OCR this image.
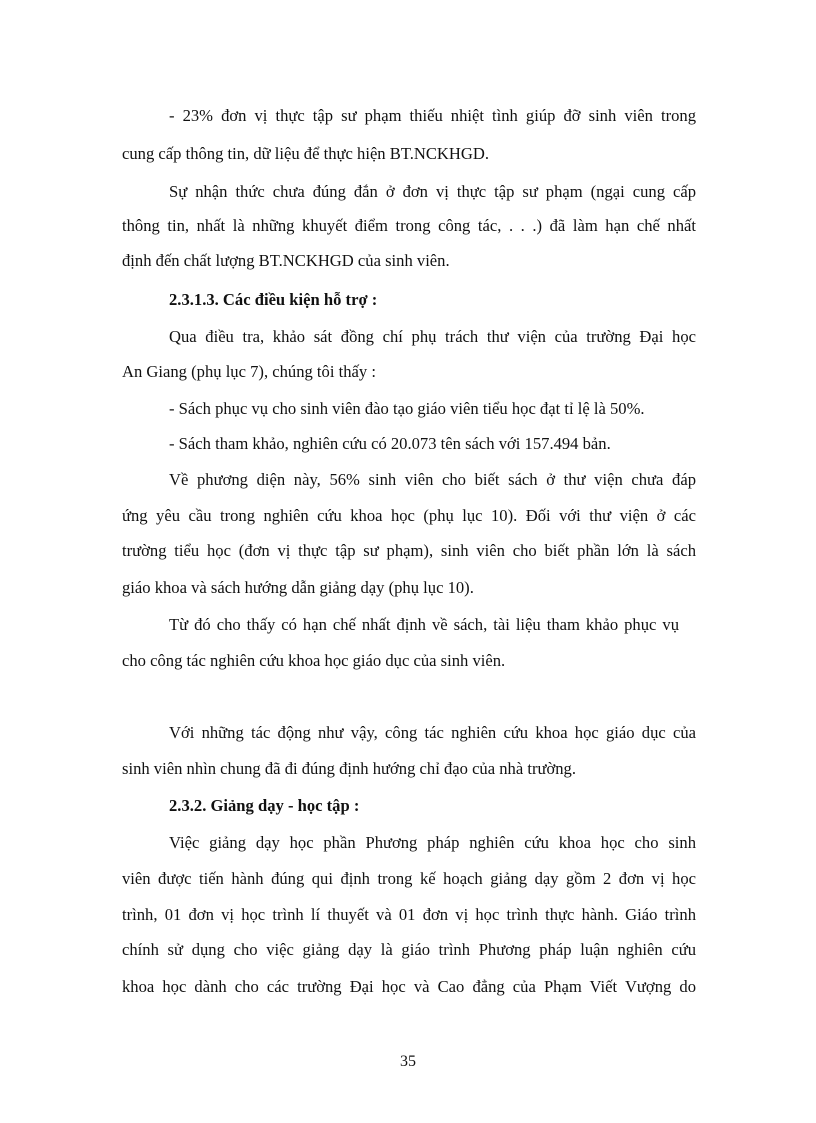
- 23% đơn vị thực tập sư phạm thiếu nhiệt tình giúp đỡ sinh viên trong
cung cấp thông tin, dữ liệu để thực hiện BT.NCKHGD.
Sự nhận thức chưa đúng đắn ở đơn vị thực tập sư phạm (ngại cung cấp
thông tin, nhất là những khuyết điểm trong công tác, . . .) đã làm hạn chế nhất
định đến chất lượng BT.NCKHGD của sinh viên.
2.3.1.3. Các điều kiện hỗ trợ :
Qua điều tra, khảo sát đồng chí phụ trách thư viện của trường Đại học
An Giang (phụ lục 7), chúng tôi thấy :
- Sách phục vụ cho sinh viên đào tạo giáo viên tiểu học đạt tỉ lệ là 50%.
- Sách tham khảo, nghiên cứu có 20.073 tên sách với 157.494 bản.
Về phương diện này, 56% sinh viên cho biết sách ở thư viện chưa đáp
ứng yêu cầu trong nghiên cứu khoa học (phụ lục 10). Đối với thư viện ở các
trường tiểu học (đơn vị thực tập sư phạm), sinh viên cho biết phần lớn là sách
giáo khoa và sách hướng dẫn giảng dạy (phụ lục 10).
Từ đó cho thấy có hạn chế nhất định về sách, tài liệu tham khảo phục vụ
cho công tác nghiên cứu khoa học giáo dục của sinh viên.
Với những tác động như vậy, công tác nghiên cứu khoa học giáo dục của
sinh viên nhìn chung đã đi đúng định hướng chỉ đạo của nhà trường.
2.3.2. Giảng dạy - học tập :
Việc giảng dạy học phần Phương pháp nghiên cứu khoa học cho sinh
viên được tiến hành đúng qui định trong kế hoạch giảng dạy gồm 2 đơn vị học
trình, 01 đơn vị học trình lí thuyết và 01 đơn vị học trình thực hành. Giáo trình
chính sử dụng cho việc giảng dạy là giáo trình Phương pháp luận nghiên cứu
khoa học dành cho các trường Đại học và Cao đẳng của Phạm Viết Vượng do
35
